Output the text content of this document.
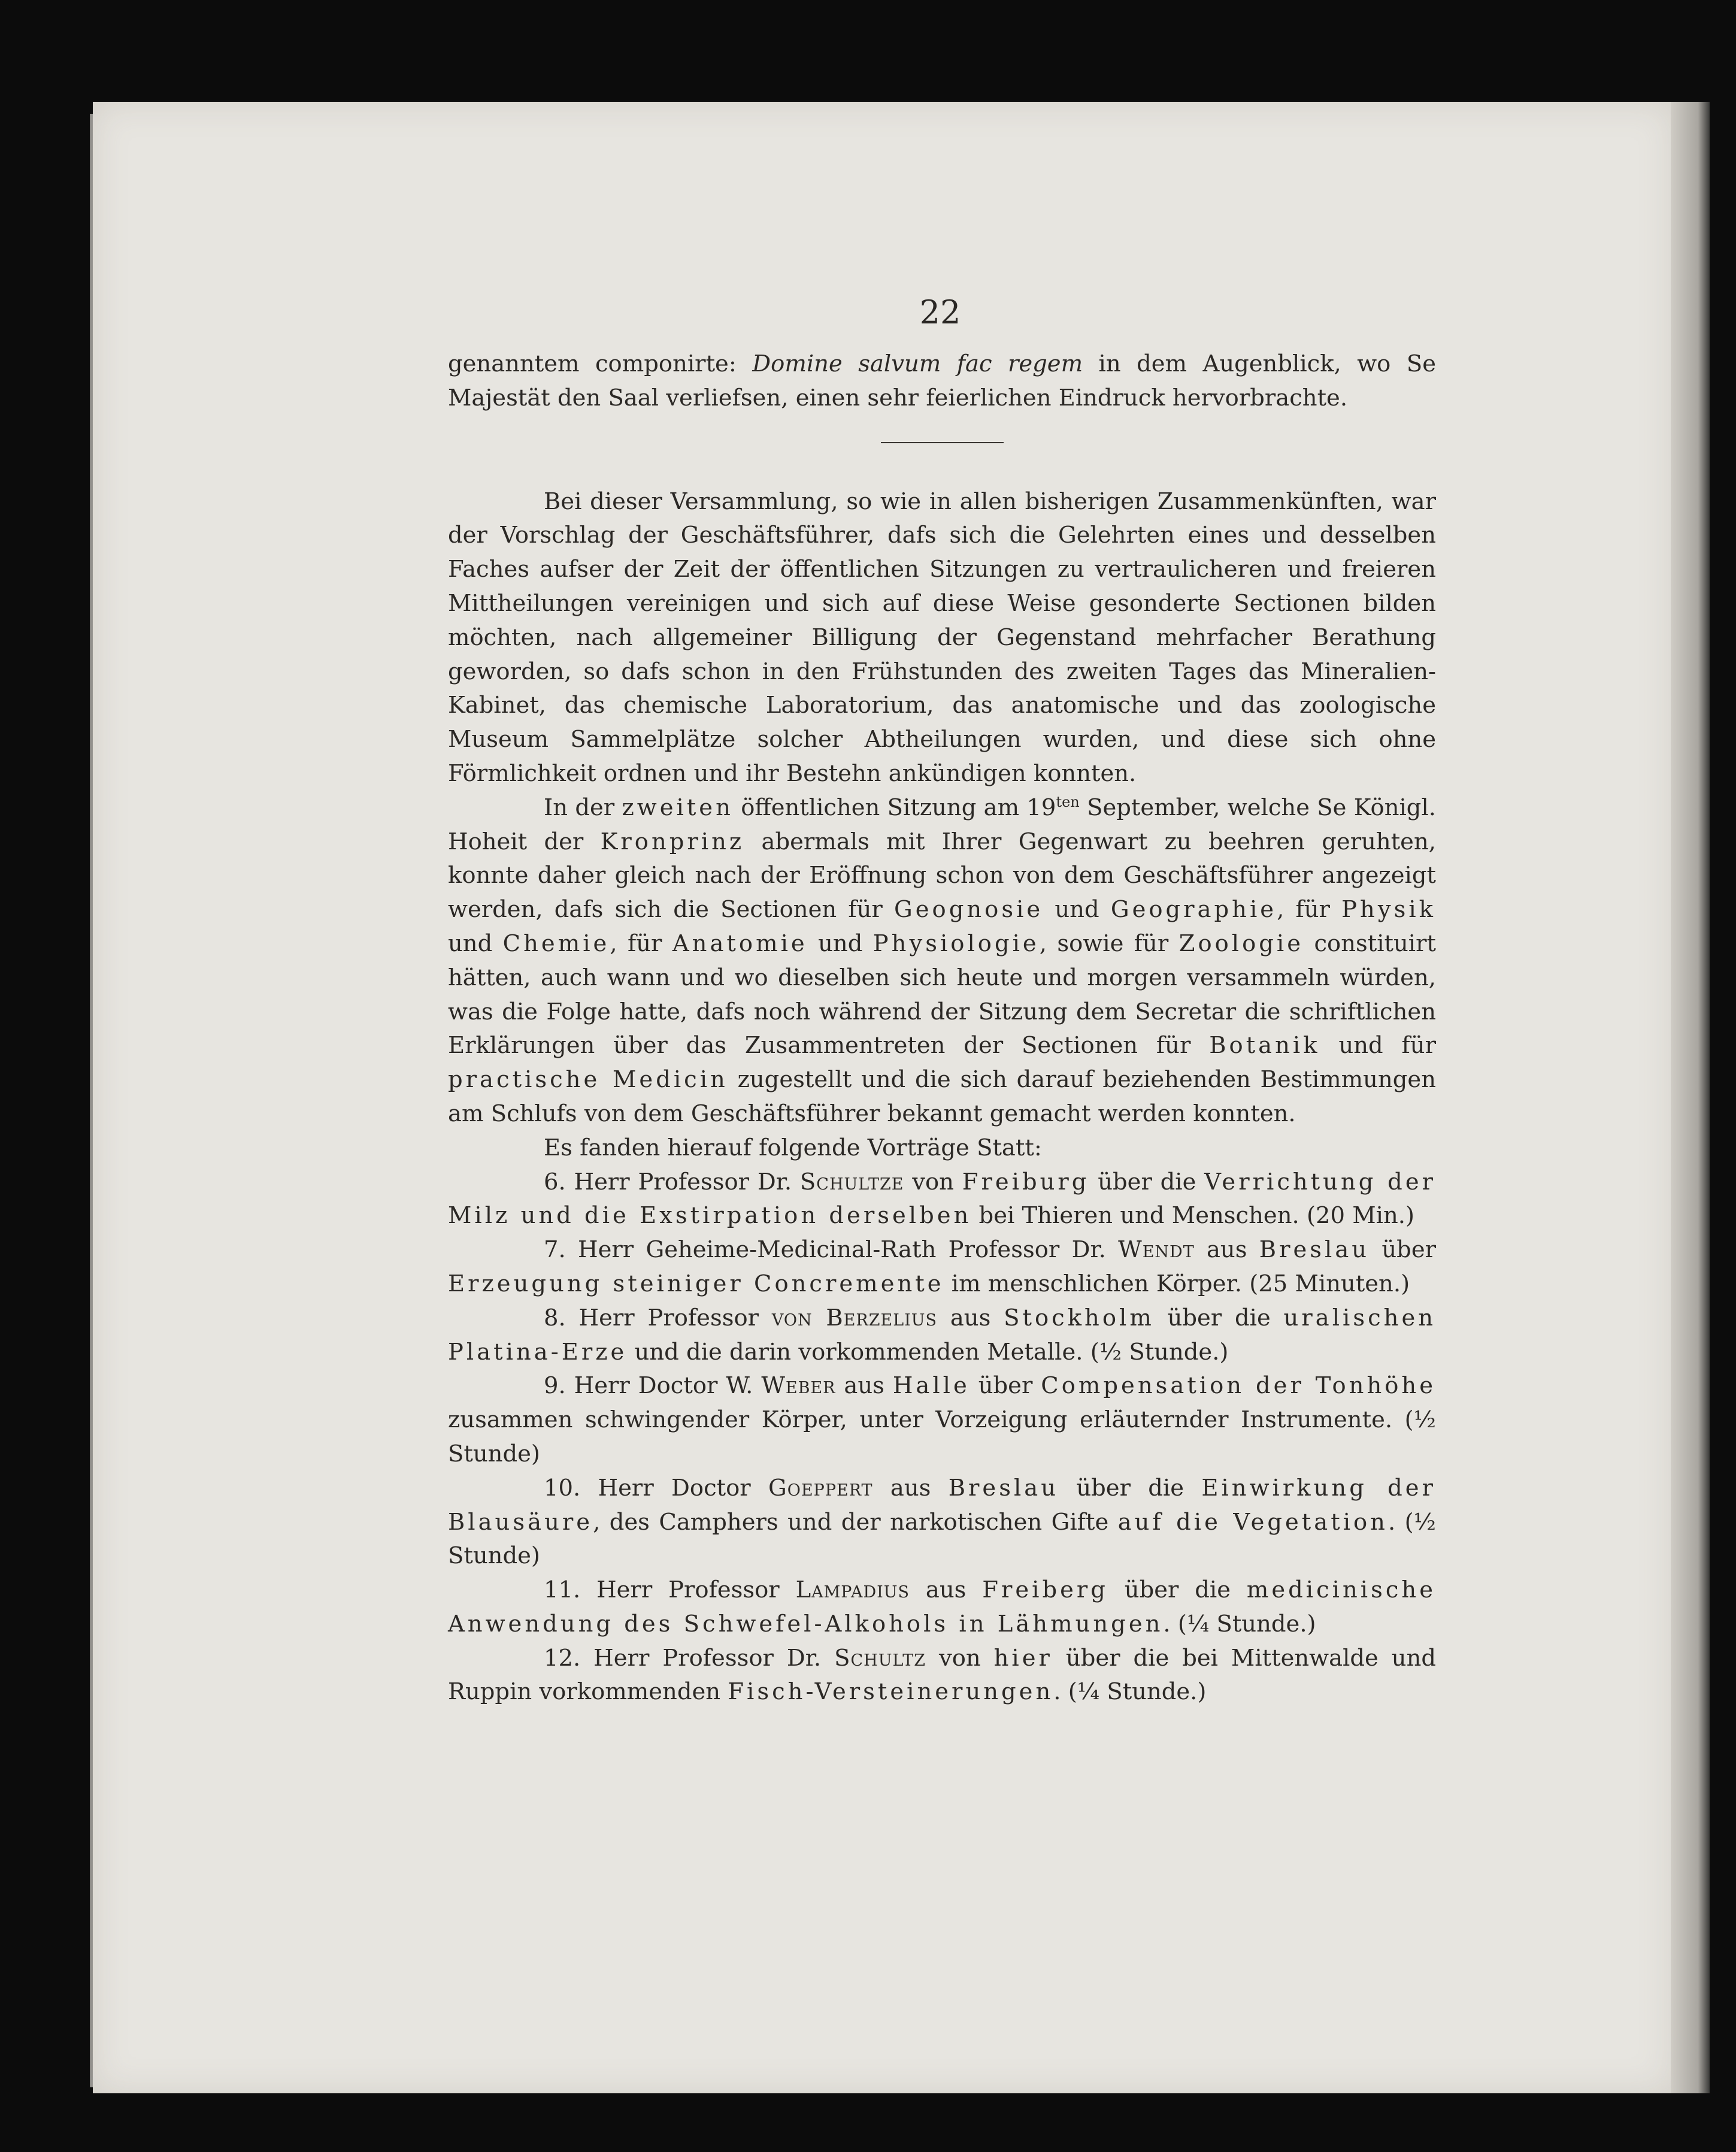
22

genanntem componirte: Domine salvum fac regem in dem Augenblick, wo Se Majestät den Saal verliefsen, einen sehr feierlichen Eindruck hervorbrachte.

Bei dieser Versammlung, so wie in allen bisherigen Zusammenkünften, war der Vorschlag der Geschäftsführer, dafs sich die Gelehrten eines und desselben Faches aufser der Zeit der öffentlichen Sitzungen zu vertraulicheren und freieren Mittheilungen vereinigen und sich auf diese Weise gesonderte Sectionen bilden möchten, nach allgemeiner Billigung der Gegenstand mehrfacher Berathung geworden, so dafs schon in den Frühstunden des zweiten Tages das Mineralien-Kabinet, das chemische Laboratorium, das anatomische und das zoologische Museum Sammelplätze solcher Abtheilungen wurden, und diese sich ohne Förmlichkeit ordnen und ihr Bestehn ankündigen konnten.

In der zweiten öffentlichen Sitzung am $19^{ten}$ September, welche Se Königl. Hoheit der Kronprinz abermals mit Ihrer Gegenwart zu beehren geruhten, konnte daher gleich nach der Eröffnung schon von dem Geschäftsführer angezeigt werden, dafs sich die Sectionen für Geognosie und Geographie, für Physik und Chemie, für Anatomie und Physiologie, sowie für Zoologie constituirt hätten, auch wann und wo dieselben sich heute und morgen versammeln würden, was die Folge hatte, dafs noch während der Sitzung dem Secretar die schriftlichen Erklärungen über das Zusammentreten der Sectionen für Botanik und für practische Medicin zugestellt und die sich darauf beziehenden Bestimmungen am Schlufs von dem Geschäftsführer bekannt gemacht werden konnten.

Es fanden hierauf folgende Vorträge Statt:

6. Herr Professor Dr. Schultze von Freiburg über die Verrichtung der Milz und die Exstirpation derselben bei Thieren und Menschen. (20 Min.)

7. Herr Geheime-Medicinal-Rath Professor Dr. Wendt aus Breslau über Erzeugung steiniger Concremente im menschlichen Körper. (25 Minuten.)

8. Herr Professor von Berzelius aus Stockholm über die uralischen Platina-Erze und die darin vorkommenden Metalle. (½ Stunde.)

9. Herr Doctor W. Weber aus Halle über Compensation der Tonhöhe zusammen schwingender Körper, unter Vorzeigung erläuternder Instrumente. (½ Stunde)

10. Herr Doctor Goeppert aus Breslau über die Einwirkung der Blausäure, des Camphers und der narkotischen Gifte auf die Vegetation. (½ Stunde)

11. Herr Professor Lampadius aus Freiberg über die medicinische Anwendung des Schwefel-Alkohols in Lähmungen. (¼ Stunde.)

12. Herr Professor Dr. Schultz von hier über die bei Mittenwalde und Ruppin vorkommenden Fisch-Versteinerungen. (¼ Stunde.)
